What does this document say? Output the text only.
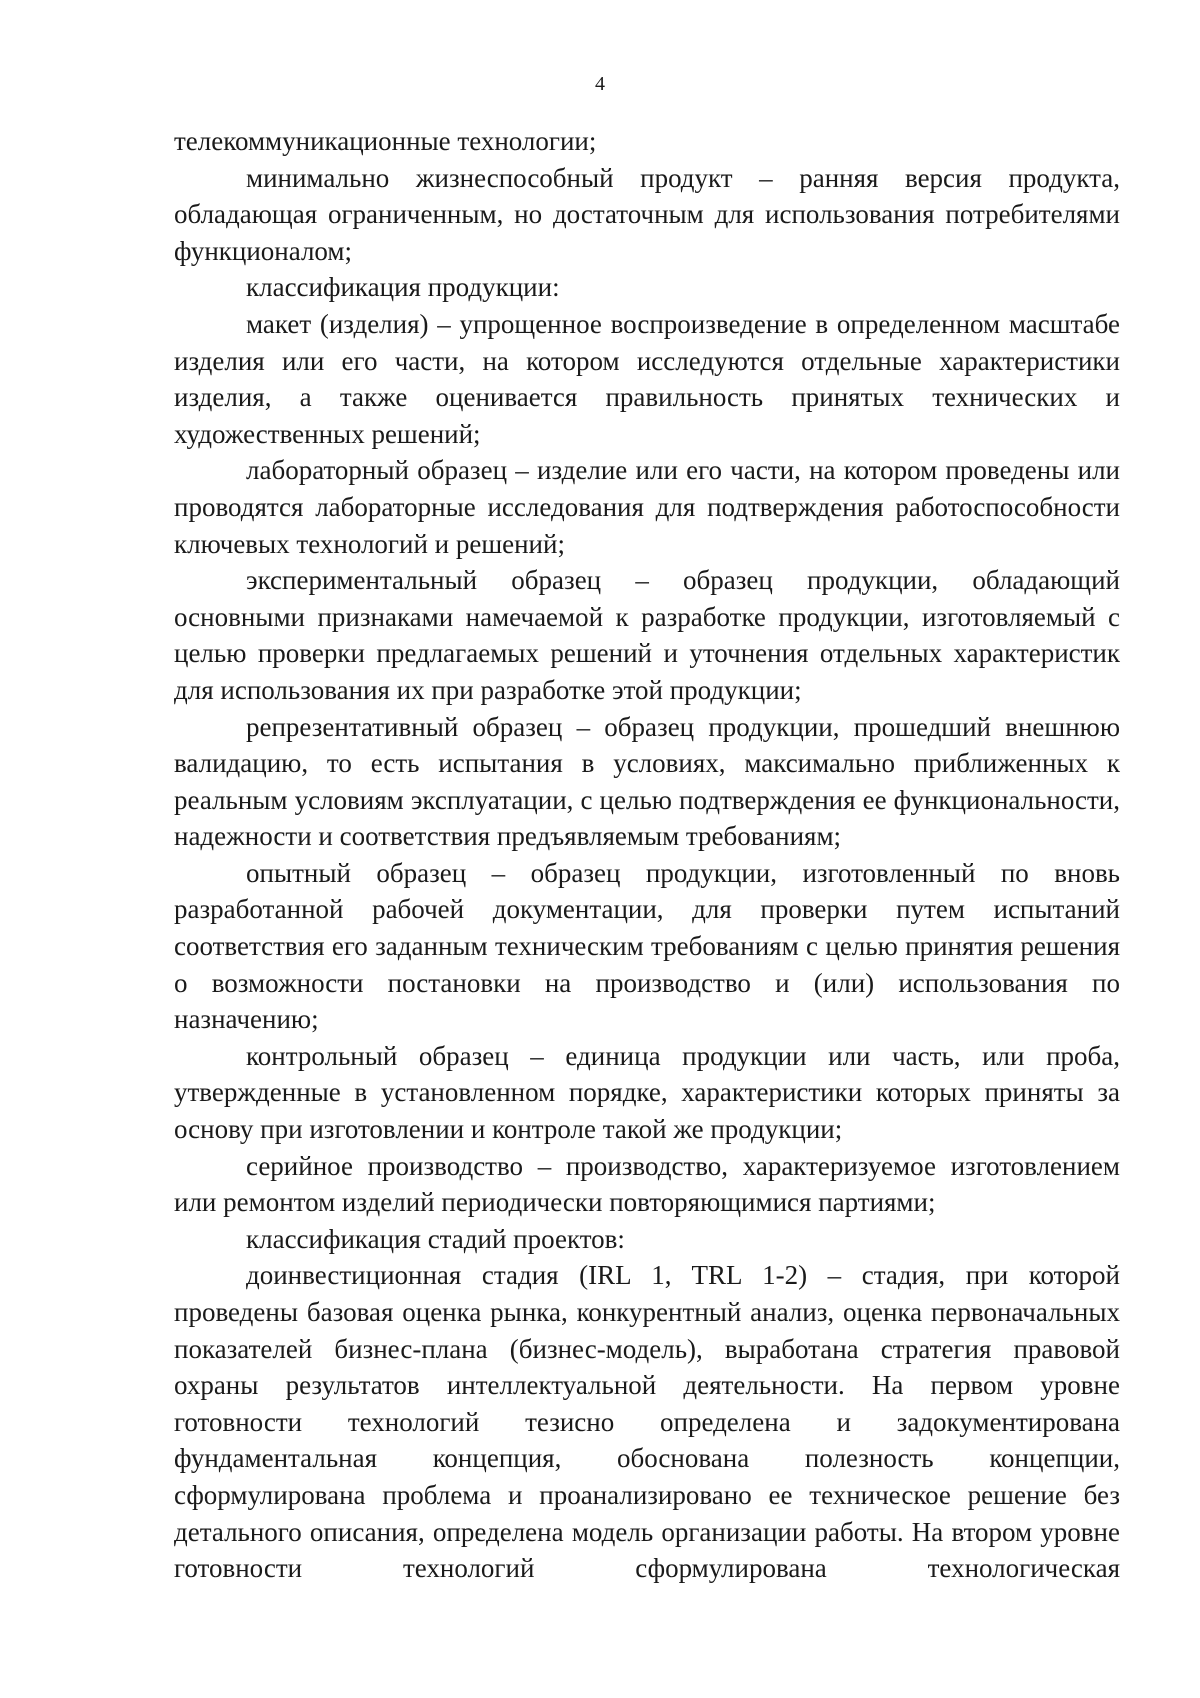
4

телекоммуникационные технологии;

минимально жизнеспособный продукт – ранняя версия продукта, обладающая ограниченным, но достаточным для использования потребителями функционалом;

классификация продукции:

макет (изделия) – упрощенное воспроизведение в определенном масштабе изделия или его части, на котором исследуются отдельные характеристики изделия, а также оценивается правильность принятых технических и художественных решений;

лабораторный образец – изделие или его части, на котором проведены или проводятся лабораторные исследования для подтверждения работоспособности ключевых технологий и решений;

экспериментальный образец – образец продукции, обладающий основными признаками намечаемой к разработке продукции, изготовляемый с целью проверки предлагаемых решений и уточнения отдельных характеристик для использования их при разработке этой продукции;

репрезентативный образец – образец продукции, прошедший внешнюю валидацию, то есть испытания в условиях, максимально приближенных к реальным условиям эксплуатации, с целью подтверждения ее функциональности, надежности и соответствия предъявляемым требованиям;

опытный образец – образец продукции, изготовленный по вновь разработанной рабочей документации, для проверки путем испытаний соответствия его заданным техническим требованиям с целью принятия решения о возможности постановки на производство и (или) использования по назначению;

контрольный образец – единица продукции или часть, или проба, утвержденные в установленном порядке, характеристики которых приняты за основу при изготовлении и контроле такой же продукции;

серийное производство – производство, характеризуемое изготовлением или ремонтом изделий периодически повторяющимися партиями;

классификация стадий проектов:

доинвестиционная стадия (IRL 1, TRL 1-2) – стадия, при которой проведены базовая оценка рынка, конкурентный анализ, оценка первоначальных показателей бизнес-плана (бизнес-модель), выработана стратегия правовой охраны результатов интеллектуальной деятельности. На первом уровне готовности технологий тезисно определена и задокументирована фундаментальная концепция, обоснована полезность концепции, сформулирована проблема и проанализировано ее техническое решение без детального описания, определена модель организации работы. На втором уровне готовности технологий сформулирована технологическая
